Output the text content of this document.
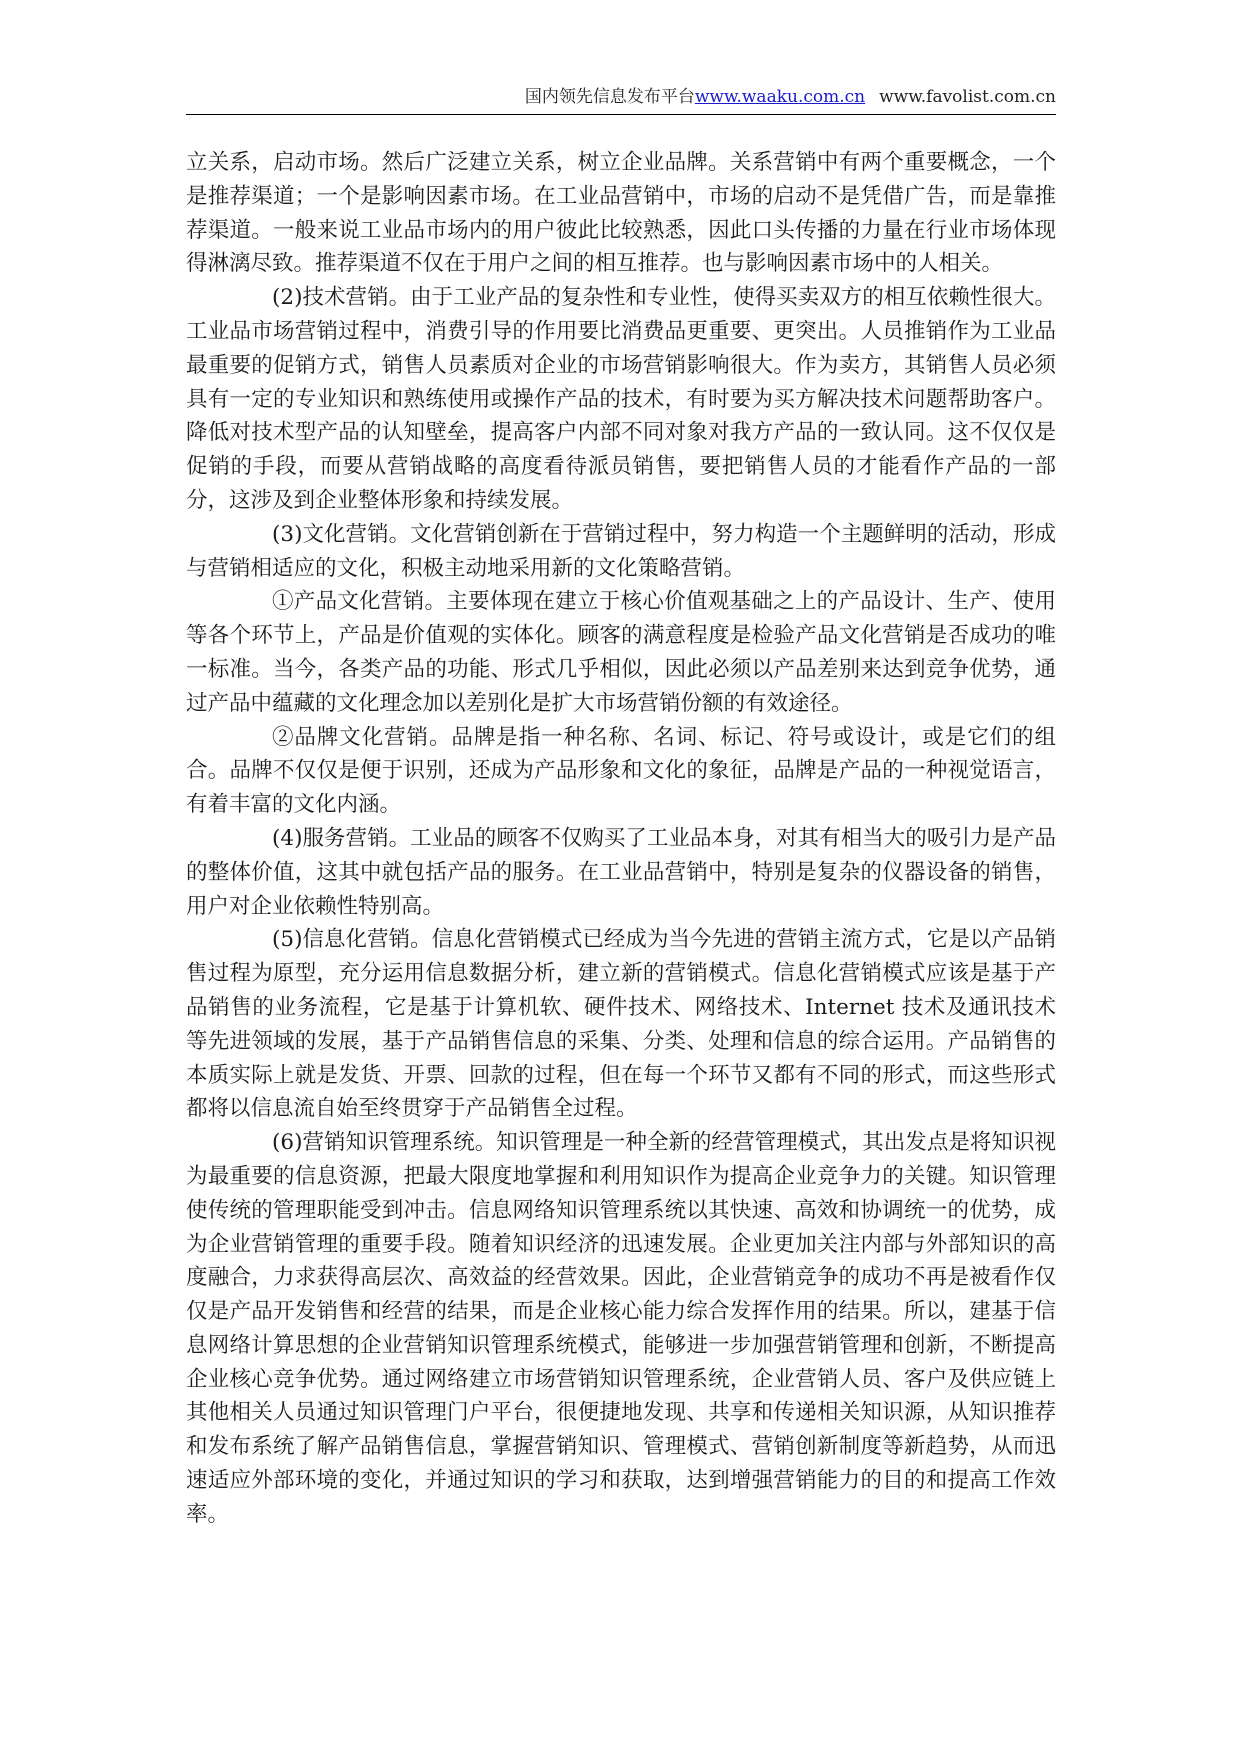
国内领先信息发布平台www.waaku.com.cn www.favolist.com.cn

立关系，启动市场。然后广泛建立关系，树立企业品牌。关系营销中有两个重要概念，一个是推荐渠道；一个是影响因素市场。在工业品营销中，市场的启动不是凭借广告，而是靠推荐渠道。一般来说工业品市场内的用户彼此比较熟悉，因此口头传播的力量在行业市场体现得淋漓尽致。推荐渠道不仅在于用户之间的相互推荐。也与影响因素市场中的人相关。

(2)技术营销。由于工业产品的复杂性和专业性，使得买卖双方的相互依赖性很大。工业品市场营销过程中，消费引导的作用要比消费品更重要、更突出。人员推销作为工业品最重要的促销方式，销售人员素质对企业的市场营销影响很大。作为卖方，其销售人员必须具有一定的专业知识和熟练使用或操作产品的技术，有时要为买方解决技术问题帮助客户。降低对技术型产品的认知壁垒，提高客户内部不同对象对我方产品的一致认同。这不仅仅是促销的手段，而要从营销战略的高度看待派员销售，要把销售人员的才能看作产品的一部分，这涉及到企业整体形象和持续发展。

(3)文化营销。文化营销创新在于营销过程中，努力构造一个主题鲜明的活动，形成与营销相适应的文化，积极主动地采用新的文化策略营销。

①产品文化营销。主要体现在建立于核心价值观基础之上的产品设计、生产、使用等各个环节上，产品是价值观的实体化。顾客的满意程度是检验产品文化营销是否成功的唯一标准。当今，各类产品的功能、形式几乎相似，因此必须以产品差别来达到竞争优势，通过产品中蕴藏的文化理念加以差别化是扩大市场营销份额的有效途径。

②品牌文化营销。品牌是指一种名称、名词、标记、符号或设计，或是它们的组合。品牌不仅仅是便于识别，还成为产品形象和文化的象征，品牌是产品的一种视觉语言，有着丰富的文化内涵。

(4)服务营销。工业品的顾客不仅购买了工业品本身，对其有相当大的吸引力是产品的整体价值，这其中就包括产品的服务。在工业品营销中，特别是复杂的仪器设备的销售，用户对企业依赖性特别高。

(5)信息化营销。信息化营销模式已经成为当今先进的营销主流方式，它是以产品销售过程为原型，充分运用信息数据分析，建立新的营销模式。信息化营销模式应该是基于产品销售的业务流程，它是基于计算机软、硬件技术、网络技术、Internet 技术及通讯技术等先进领域的发展，基于产品销售信息的采集、分类、处理和信息的综合运用。产品销售的本质实际上就是发货、开票、回款的过程，但在每一个环节又都有不同的形式，而这些形式都将以信息流自始至终贯穿于产品销售全过程。

(6)营销知识管理系统。知识管理是一种全新的经营管理模式，其出发点是将知识视为最重要的信息资源，把最大限度地掌握和利用知识作为提高企业竞争力的关键。知识管理使传统的管理职能受到冲击。信息网络知识管理系统以其快速、高效和协调统一的优势，成为企业营销管理的重要手段。随着知识经济的迅速发展。企业更加关注内部与外部知识的高度融合，力求获得高层次、高效益的经营效果。因此，企业营销竞争的成功不再是被看作仅仅是产品开发销售和经营的结果，而是企业核心能力综合发挥作用的结果。所以，建基于信息网络计算思想的企业营销知识管理系统模式，能够进一步加强营销管理和创新，不断提高企业核心竞争优势。通过网络建立市场营销知识管理系统，企业营销人员、客户及供应链上其他相关人员通过知识管理门户平台，很便捷地发现、共享和传递相关知识源，从知识推荐和发布系统了解产品销售信息，掌握营销知识、管理模式、营销创新制度等新趋势，从而迅速适应外部环境的变化，并通过知识的学习和获取，达到增强营销能力的目的和提高工作效率。
